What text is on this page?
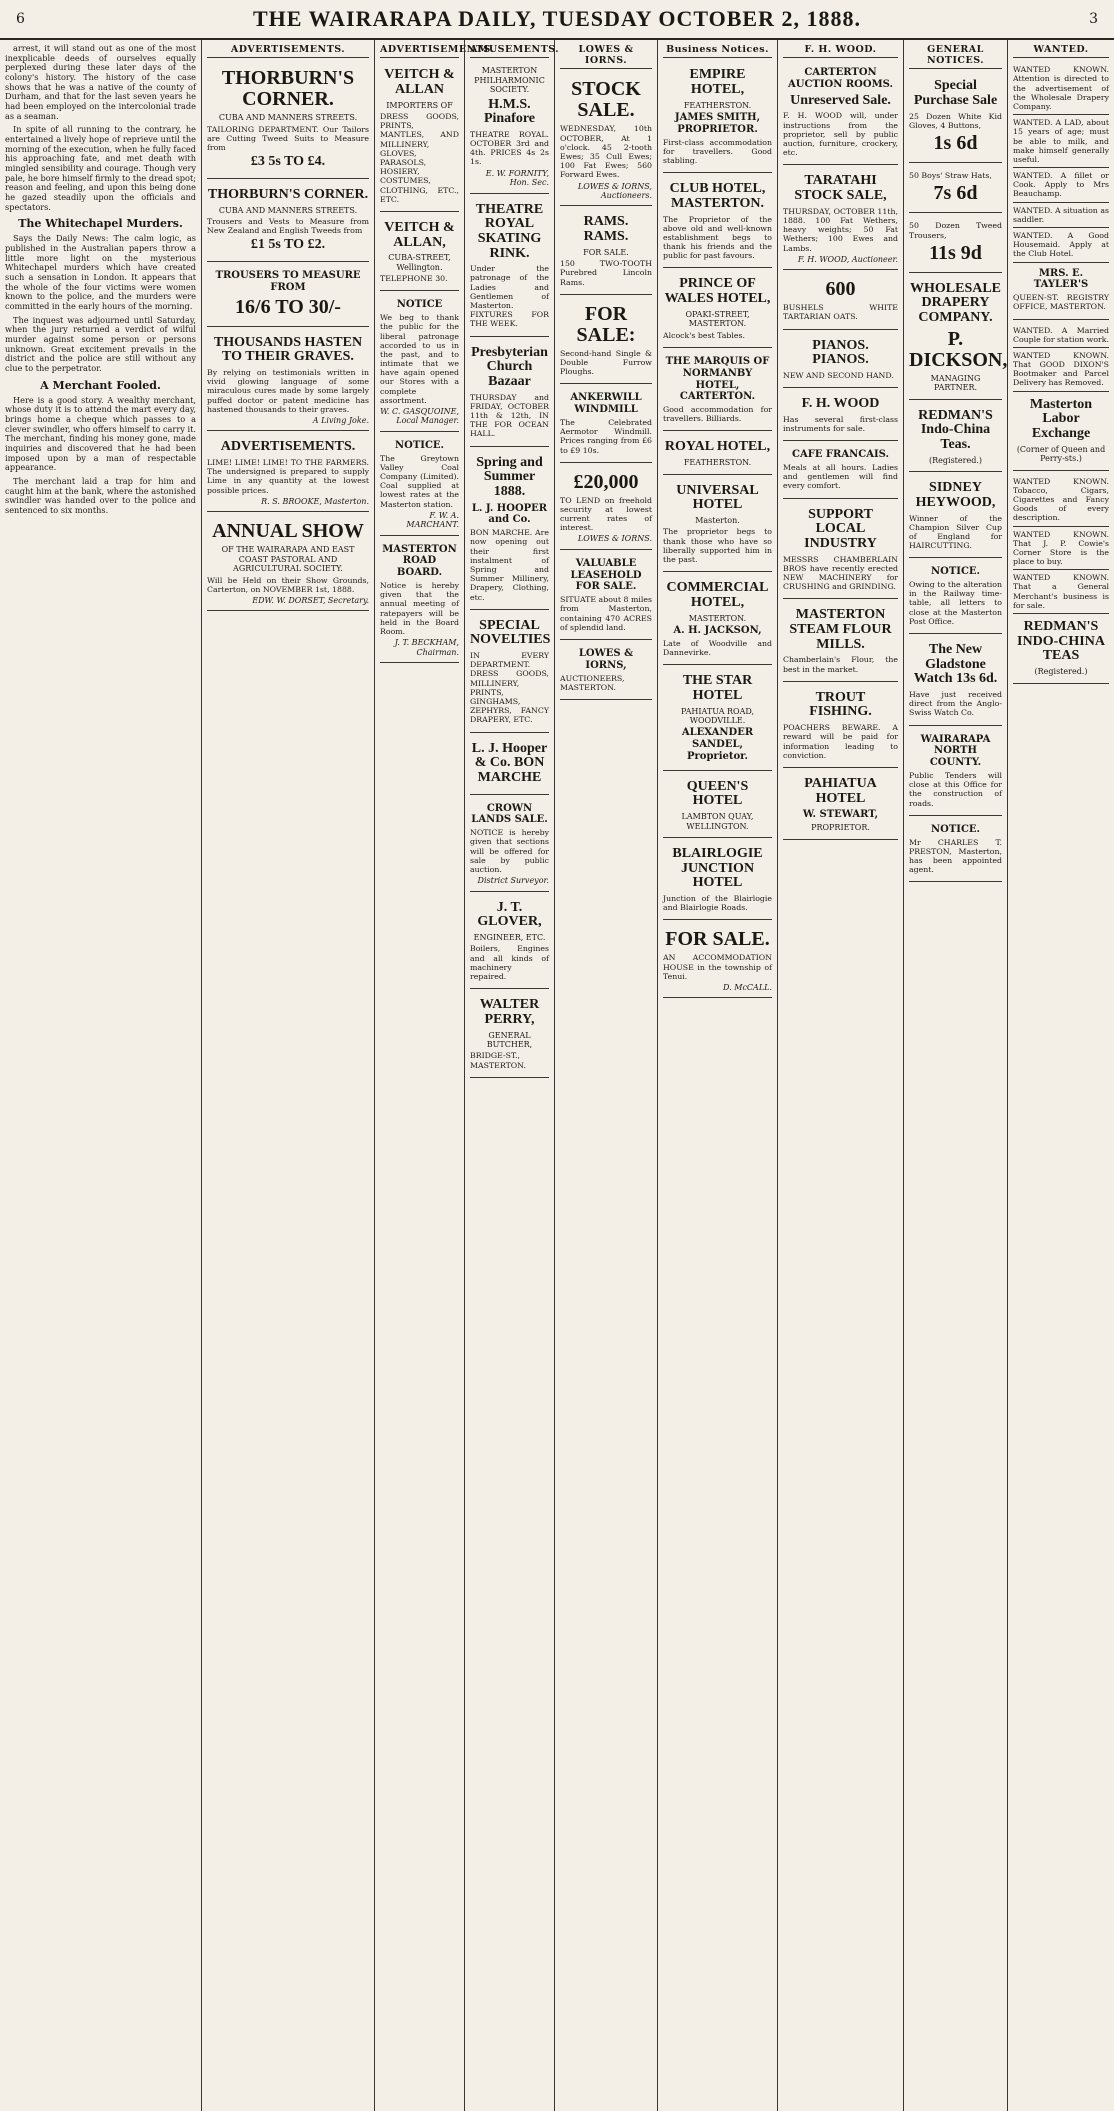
6	THE WAIRARAPA DAILY, TUESDAY OCTOBER 2, 1888.	3

arrest, it will stand out as one of the most inexplicable deeds of ourselves equally perplexed during these later days of the colony's history. The history of the case shows that he was a native of the county of Durham, and that for the last seven years he had been employed on the intercolonial trade as a seaman.

In spite of all running to the contrary, he entertained a lively hope of reprieve until the morning of the execution, when he fully faced his approaching fate, and met death with mingled sensibility and courage. Though very pale, he bore himself firmly to the dread spot; reason and feeling, and upon this being done he gazed steadily upon the officials and spectators.

The Whitechapel Murders.

Says the Daily News: The calm logic, as published in the Australian papers throw a little more light on the mysterious Whitechapel murders which have created such a sensation in London. It appears that the whole of the four victims were women known to the police, and the murders were committed in the early hours of the morning.

The inquest was adjourned until Saturday, when the jury returned a verdict of wilful murder against some person or persons unknown. Great excitement prevails in the district and the police are still without any clue to the perpetrator.

A Merchant Fooled.

Here is a good story. A wealthy merchant, whose duty it is to attend the mart every day, brings home a cheque which passes to a clever swindler, who offers himself to carry it. The merchant, finding his money gone, made inquiries and discovered that he had been imposed upon by a man of respectable appearance.

The merchant laid a trap for him and caught him at the bank, where the astonished swindler was handed over to the police and sentenced to six months.

ADVERTISEMENTS.
THORBURN'S CORNER.
CUBA AND MANNERS STREETS.
TAILORING DEPARTMENT. Our Tailors are Cutting Tweed Suits to Measure from
£3 5s TO £4.
THORBURN'S CORNER.
CUBA AND MANNERS STREETS.
Trousers and Vests to Measure from New Zealand and English Tweeds from
£1 5s TO £2.
TROUSERS TO MEASURE FROM
16/6 TO 30/-
THOUSANDS HASTEN TO THEIR GRAVES.
By relying on testimonials written in vivid glowing language of some miraculous cures made by some largely puffed doctor or patent medicine has hastened thousands to their graves.
A Living Joke.
ADVERTISEMENTS.
LIME! LIME! LIME! TO THE FARMERS. The undersigned is prepared to supply Lime in any quantity at the lowest possible prices.
R. S. BROOKE, Masterton.
ANNUAL SHOW
OF THE WAIRARAPA AND EAST COAST PASTORAL AND AGRICULTURAL SOCIETY.
Will be Held on their Show Grounds, Carterton, on NOVEMBER 1st, 1888.
EDW. W. DORSET, Secretary.
ADVERTISEMENTS.
VEITCH & ALLAN
IMPORTERS OF
DRESS GOODS, PRINTS, MANTLES, AND MILLINERY, GLOVES, PARASOLS, HOSIERY, COSTUMES, CLOTHING, ETC., ETC.
VEITCH & ALLAN,
CUBA-STREET, Wellington.
TELEPHONE 30.
NOTICE
We beg to thank the public for the liberal patronage accorded to us in the past, and to intimate that we have again opened our Stores with a complete assortment.
W. C. GASQUOINE, Local Manager.
NOTICE.
The Greytown Valley Coal Company (Limited). Coal supplied at lowest rates at the Masterton station.
F. W. A. MARCHANT.
MASTERTON ROAD BOARD.
Notice is hereby given that the annual meeting of ratepayers will be held in the Board Room.
J. T. BECKHAM, Chairman.
AMUSEMENTS.
MASTERTON PHILHARMONIC SOCIETY.
H.M.S. Pinafore
THEATRE ROYAL. OCTOBER 3rd and 4th. PRICES 4s 2s 1s.
E. W. FORNITY, Hon. Sec.
THEATRE ROYAL SKATING RINK.
Under the patronage of the Ladies and Gentlemen of Masterton. FIXTURES FOR THE WEEK.
Presbyterian Church Bazaar
THURSDAY and FRIDAY, OCTOBER 11th & 12th, IN THE FOR OCEAN HALL.
Spring and Summer 1888.
L. J. HOOPER and Co.
BON MARCHE. Are now opening out their first instalment of Spring and Summer Millinery, Drapery, Clothing, etc.
SPECIAL NOVELTIES
IN EVERY DEPARTMENT. DRESS GOODS, MILLINERY, PRINTS, GINGHAMS, ZEPHYRS, FANCY DRAPERY, ETC.
L. J. Hooper & Co. BON MARCHE
CROWN LANDS SALE.
NOTICE is hereby given that sections will be offered for sale by public auction.
District Surveyor.
J. T. GLOVER,
ENGINEER, ETC.
Boilers, Engines and all kinds of machinery repaired.
WALTER PERRY,
GENERAL BUTCHER,
BRIDGE-ST., MASTERTON.
LOWES & IORNS.
STOCK SALE.
WEDNESDAY, 10th OCTOBER, At 1 o'clock. 45 2-tooth Ewes; 35 Cull Ewes; 100 Fat Ewes; 560 Forward Ewes.
LOWES & IORNS, Auctioneers.
RAMS. RAMS.
FOR SALE.
150 TWO-TOOTH Purebred Lincoln Rams.
FOR SALE:
Second-hand Single & Double Furrow Ploughs.
ANKERWILL WINDMILL
The Celebrated Aermotor Windmill. Prices ranging from £6 to £9 10s.
£20,000
TO LEND on freehold security at lowest current rates of interest.
LOWES & IORNS.
VALUABLE LEASEHOLD FOR SALE.
SITUATE about 8 miles from Masterton, containing 470 ACRES of splendid land.
LOWES & IORNS,
AUCTIONEERS, MASTERTON.
Business Notices.
EMPIRE HOTEL,
FEATHERSTON.
JAMES SMITH, PROPRIETOR.
First-class accommodation for travellers. Good stabling.
CLUB HOTEL, MASTERTON.
The Proprietor of the above old and well-known establishment begs to thank his friends and the public for past favours.
PRINCE OF WALES HOTEL,
OPAKI-STREET, MASTERTON.
Alcock's best Tables.
THE MARQUIS OF NORMANBY HOTEL, CARTERTON.
Good accommodation for travellers. Billiards.
ROYAL HOTEL,
FEATHERSTON.
UNIVERSAL HOTEL
Masterton.
The proprietor begs to thank those who have so liberally supported him in the past.
COMMERCIAL HOTEL,
MASTERTON.
A. H. JACKSON,
Late of Woodville and Dannevirke.
THE STAR HOTEL
PAHIATUA ROAD, WOODVILLE.
ALEXANDER SANDEL, Proprietor.
QUEEN'S HOTEL
LAMBTON QUAY, WELLINGTON.
BLAIRLOGIE JUNCTION HOTEL
Junction of the Blairlogie and Blairlogie Roads.
FOR SALE.
AN ACCOMMODATION HOUSE in the township of Tenui.
D. McCALL.
F. H. WOOD.
CARTERTON AUCTION ROOMS.
Unreserved Sale.
F. H. WOOD will, under instructions from the proprietor, sell by public auction, furniture, crockery, etc.
TARATAHI STOCK SALE,
THURSDAY, OCTOBER 11th, 1888. 100 Fat Wethers, heavy weights; 50 Fat Wethers; 100 Ewes and Lambs.
F. H. WOOD, Auctioneer.
600
BUSHELS WHITE TARTARIAN OATS.
PIANOS. PIANOS.
NEW AND SECOND HAND.
F. H. WOOD
Has several first-class instruments for sale.
CAFE FRANCAIS.
Meals at all hours. Ladies and gentlemen will find every comfort.
SUPPORT LOCAL INDUSTRY
MESSRS CHAMBERLAIN BROS have recently erected NEW MACHINERY for CRUSHING and GRINDING.
MASTERTON STEAM FLOUR MILLS.
Chamberlain's Flour, the best in the market.
TROUT FISHING.
POACHERS BEWARE. A reward will be paid for information leading to conviction.
PAHIATUA HOTEL
W. STEWART,
PROPRIETOR.
GENERAL NOTICES.
Special Purchase Sale
25 Dozen White Kid Gloves, 4 Buttons,
1s 6d
50 Boys' Straw Hats,
7s 6d
50 Dozen Tweed Trousers,
11s 9d
WHOLESALE DRAPERY COMPANY.
P. DICKSON,
MANAGING PARTNER.
REDMAN'S Indo-China Teas.
(Registered.)
SIDNEY HEYWOOD,
Winner of the Champion Silver Cup of England for HAIRCUTTING.
NOTICE.
Owing to the alteration in the Railway time-table, all letters to close at the Masterton Post Office.
The New Gladstone Watch 13s 6d.
Have just received direct from the Anglo-Swiss Watch Co.
WAIRARAPA NORTH COUNTY.
Public Tenders will close at this Office for the construction of roads.
NOTICE.
Mr CHARLES T. PRESTON, Masterton, has been appointed agent.
WANTED.
WANTED KNOWN. Attention is directed to the advertisement of the Wholesale Drapery Company.
WANTED. A LAD, about 15 years of age; must be able to milk, and make himself generally useful.
WANTED. A fillet or Cook. Apply to Mrs Beauchamp.
WANTED. A situation as saddler.
WANTED. A Good Housemaid. Apply at the Club Hotel.
MRS. E. TAYLER'S
QUEEN-ST. REGISTRY OFFICE, MASTERTON.
WANTED. A Married Couple for station work.
WANTED KNOWN. That GOOD DIXON'S Bootmaker and Parcel Delivery has Removed.
Masterton Labor Exchange
(Corner of Queen and Perry-sts.)
WANTED KNOWN. Tobacco, Cigars, Cigarettes and Fancy Goods of every description.
WANTED KNOWN. That J. P. Cowie's Corner Store is the place to buy.
WANTED KNOWN. That a General Merchant's business is for sale.
REDMAN'S INDO-CHINA TEAS
(Registered.)
